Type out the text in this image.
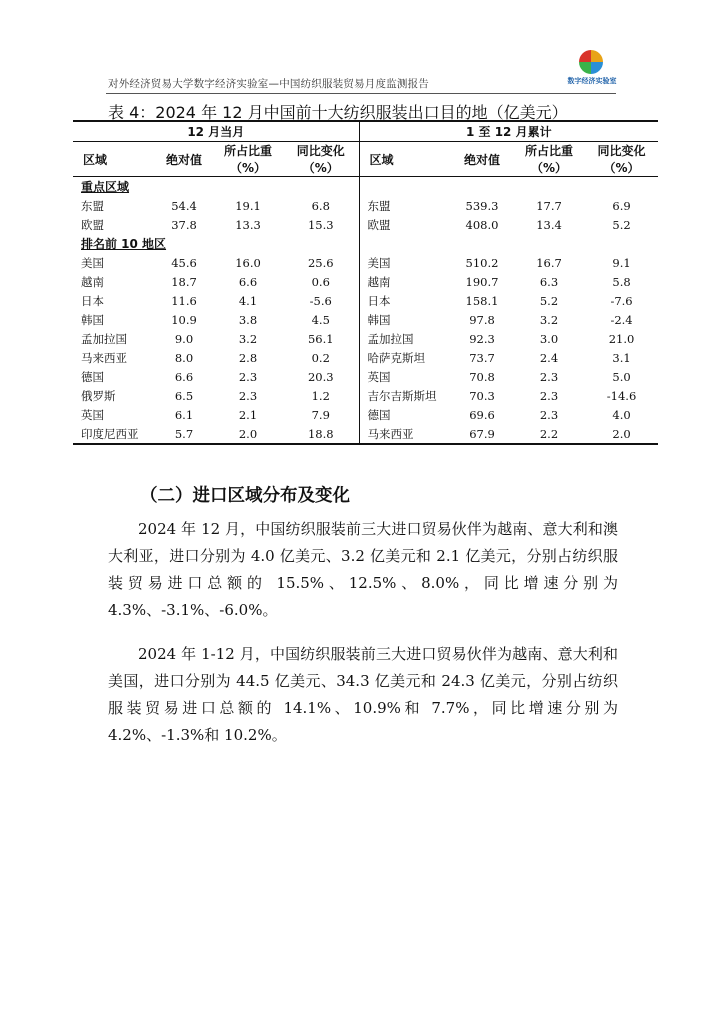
对外经济贸易大学数字经济实验室—中国纺织服装贸易月度监测报告	数字经济实验室
表 4：2024 年 12 月中国前十大纺织服装出口目的地（亿美元）
12 月当月				1 至 12 月累计			
区域	绝对值	所占比重（%）	同比变化（%）	区域	绝对值	所占比重（%）	同比变化（%）
重点区域							
东盟	54.4	19.1	6.8	东盟	539.3	17.7	6.9
欧盟	37.8	13.3	15.3	欧盟	408.0	13.4	5.2
排名前 10 地区							
美国	45.6	16.0	25.6	美国	510.2	16.7	9.1
越南	18.7	6.6	0.6	越南	190.7	6.3	5.8
日本	11.6	4.1	-5.6	日本	158.1	5.2	-7.6
韩国	10.9	3.8	4.5	韩国	97.8	3.2	-2.4
孟加拉国	9.0	3.2	56.1	孟加拉国	92.3	3.0	21.0
马来西亚	8.0	2.8	0.2	哈萨克斯坦	73.7	2.4	3.1
德国	6.6	2.3	20.3	英国	70.8	2.3	5.0
俄罗斯	6.5	2.3	1.2	吉尔吉斯斯坦	70.3	2.3	-14.6
英国	6.1	2.1	7.9	德国	69.6	2.3	4.0
印度尼西亚	5.7	2.0	18.8	马来西亚	67.9	2.2	2.0
（二）进口区域分布及变化
2024 年 12 月，中国纺织服装前三大进口贸易伙伴为越南、意大利和澳大利亚，进口分别为 4.0 亿美元、3.2 亿美元和 2.1 亿美元，分别占纺织服装贸易进口总额的 15.5%、12.5%、8.0%，同比增速分别为 4.3%、-3.1%、-6.0%。
2024 年 1-12 月，中国纺织服装前三大进口贸易伙伴为越南、意大利和美国，进口分别为 44.5 亿美元、34.3 亿美元和 24.3 亿美元，分别占纺织服装贸易进口总额的 14.1%、10.9%和 7.7%，同比增速分别为 4.2%、-1.3%和 10.2%。
